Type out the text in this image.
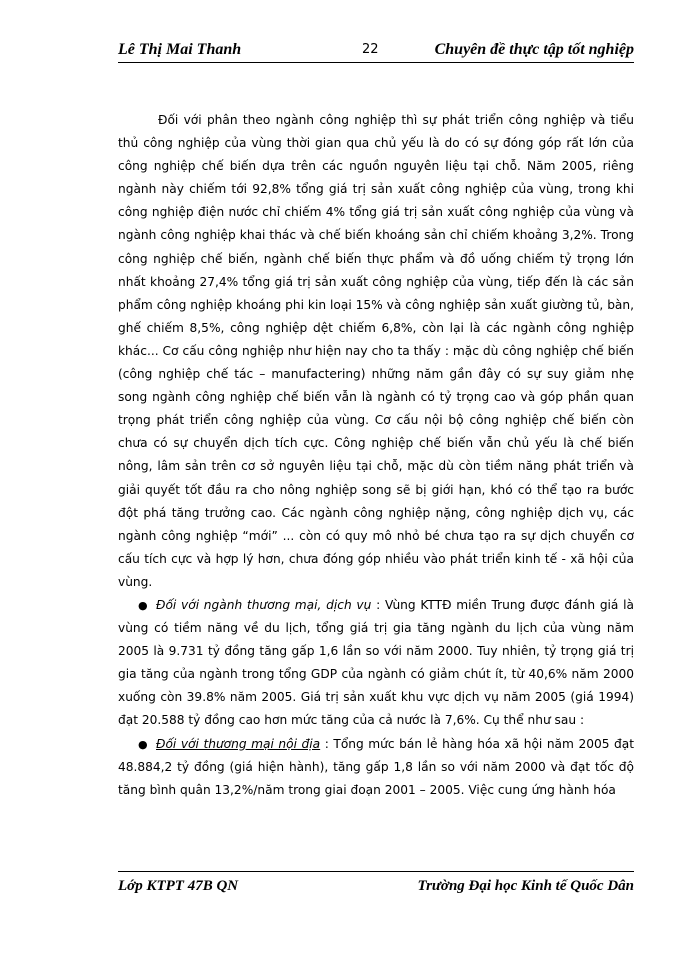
Lê Thị Mai Thanh	22	Chuyên đề thực tập tốt nghiệp

Đối với phân theo ngành công nghiệp thì sự phát triển công nghiệp và tiểu thủ công nghiệp của vùng thời gian qua chủ yếu là do có sự đóng góp rất lớn của công nghiệp chế biến dựa trên các nguồn nguyên liệu tại chỗ. Năm 2005, riêng ngành này chiếm tới 92,8% tổng giá trị sản xuất công nghiệp của vùng, trong khi công nghiệp điện nước chỉ chiếm 4% tổng giá trị sản xuất công nghiệp của vùng và ngành công nghiệp khai thác và chế biến khoáng sản chỉ chiếm khoảng 3,2%. Trong công nghiệp chế biến, ngành chế biến thực phẩm và đồ uống chiếm tỷ trọng lớn nhất khoảng 27,4% tổng giá trị sản xuất công nghiệp của vùng, tiếp đến là các sản phẩm công nghiệp khoáng phi kin loại 15% và công nghiệp sản xuất giường tủ, bàn, ghế chiếm 8,5%, công nghiệp dệt chiếm 6,8%, còn lại là các ngành công nghiệp khác... Cơ cấu công nghiệp như hiện nay cho ta thấy : mặc dù công nghiệp chế biến (công nghiệp chế tác – manufactering) những năm gần đây có sự suy giảm nhẹ song ngành công nghiệp chế biến vẫn là ngành có tỷ trọng cao và góp phần quan trọng phát triển công nghiệp của vùng. Cơ cấu nội bộ công nghiệp chế biến còn chưa có sự chuyển dịch tích cực. Công nghiệp chế biến vẫn chủ yếu là chế biến nông, lâm sản trên cơ sở nguyên liệu tại chỗ, mặc dù còn tiềm năng phát triển và giải quyết tốt đầu ra cho nông nghiệp song sẽ bị giới hạn, khó có thể tạo ra bước đột phá tăng trưởng cao. Các ngành công nghiệp nặng, công nghiệp dịch vụ, các ngành công nghiệp “mới” ... còn có quy mô nhỏ bé chưa tạo ra sự dịch chuyển cơ cấu tích cực và hợp lý hơn, chưa đóng góp nhiều vào phát triển kinh tế - xã hội của vùng.

● Đối với ngành thương mại, dịch vụ : Vùng KTTĐ miền Trung được đánh giá là vùng có tiềm năng về du lịch, tổng giá trị gia tăng ngành du lịch của vùng năm 2005 là 9.731 tỷ đồng tăng gấp 1,6 lần so với năm 2000. Tuy nhiên, tỷ trọng giá trị gia tăng của ngành trong tổng GDP của ngành có giảm chút ít, từ 40,6% năm 2000 xuống còn 39.8% năm 2005. Giá trị sản xuất khu vực dịch vụ năm 2005 (giá 1994) đạt 20.588 tỷ đồng cao hơn mức tăng của cả nước là 7,6%. Cụ thể như sau :

● Đối với thương mại nội địa : Tổng mức bán lẻ hàng hóa xã hội năm 2005 đạt 48.884,2 tỷ đồng (giá hiện hành), tăng gấp 1,8 lần so với năm 2000 và đạt tốc độ tăng bình quân 13,2%/năm trong giai đoạn 2001 – 2005. Việc cung ứng hành hóa

Lớp KTPT 47B QN	Trường Đại học Kinh tế Quốc Dân
